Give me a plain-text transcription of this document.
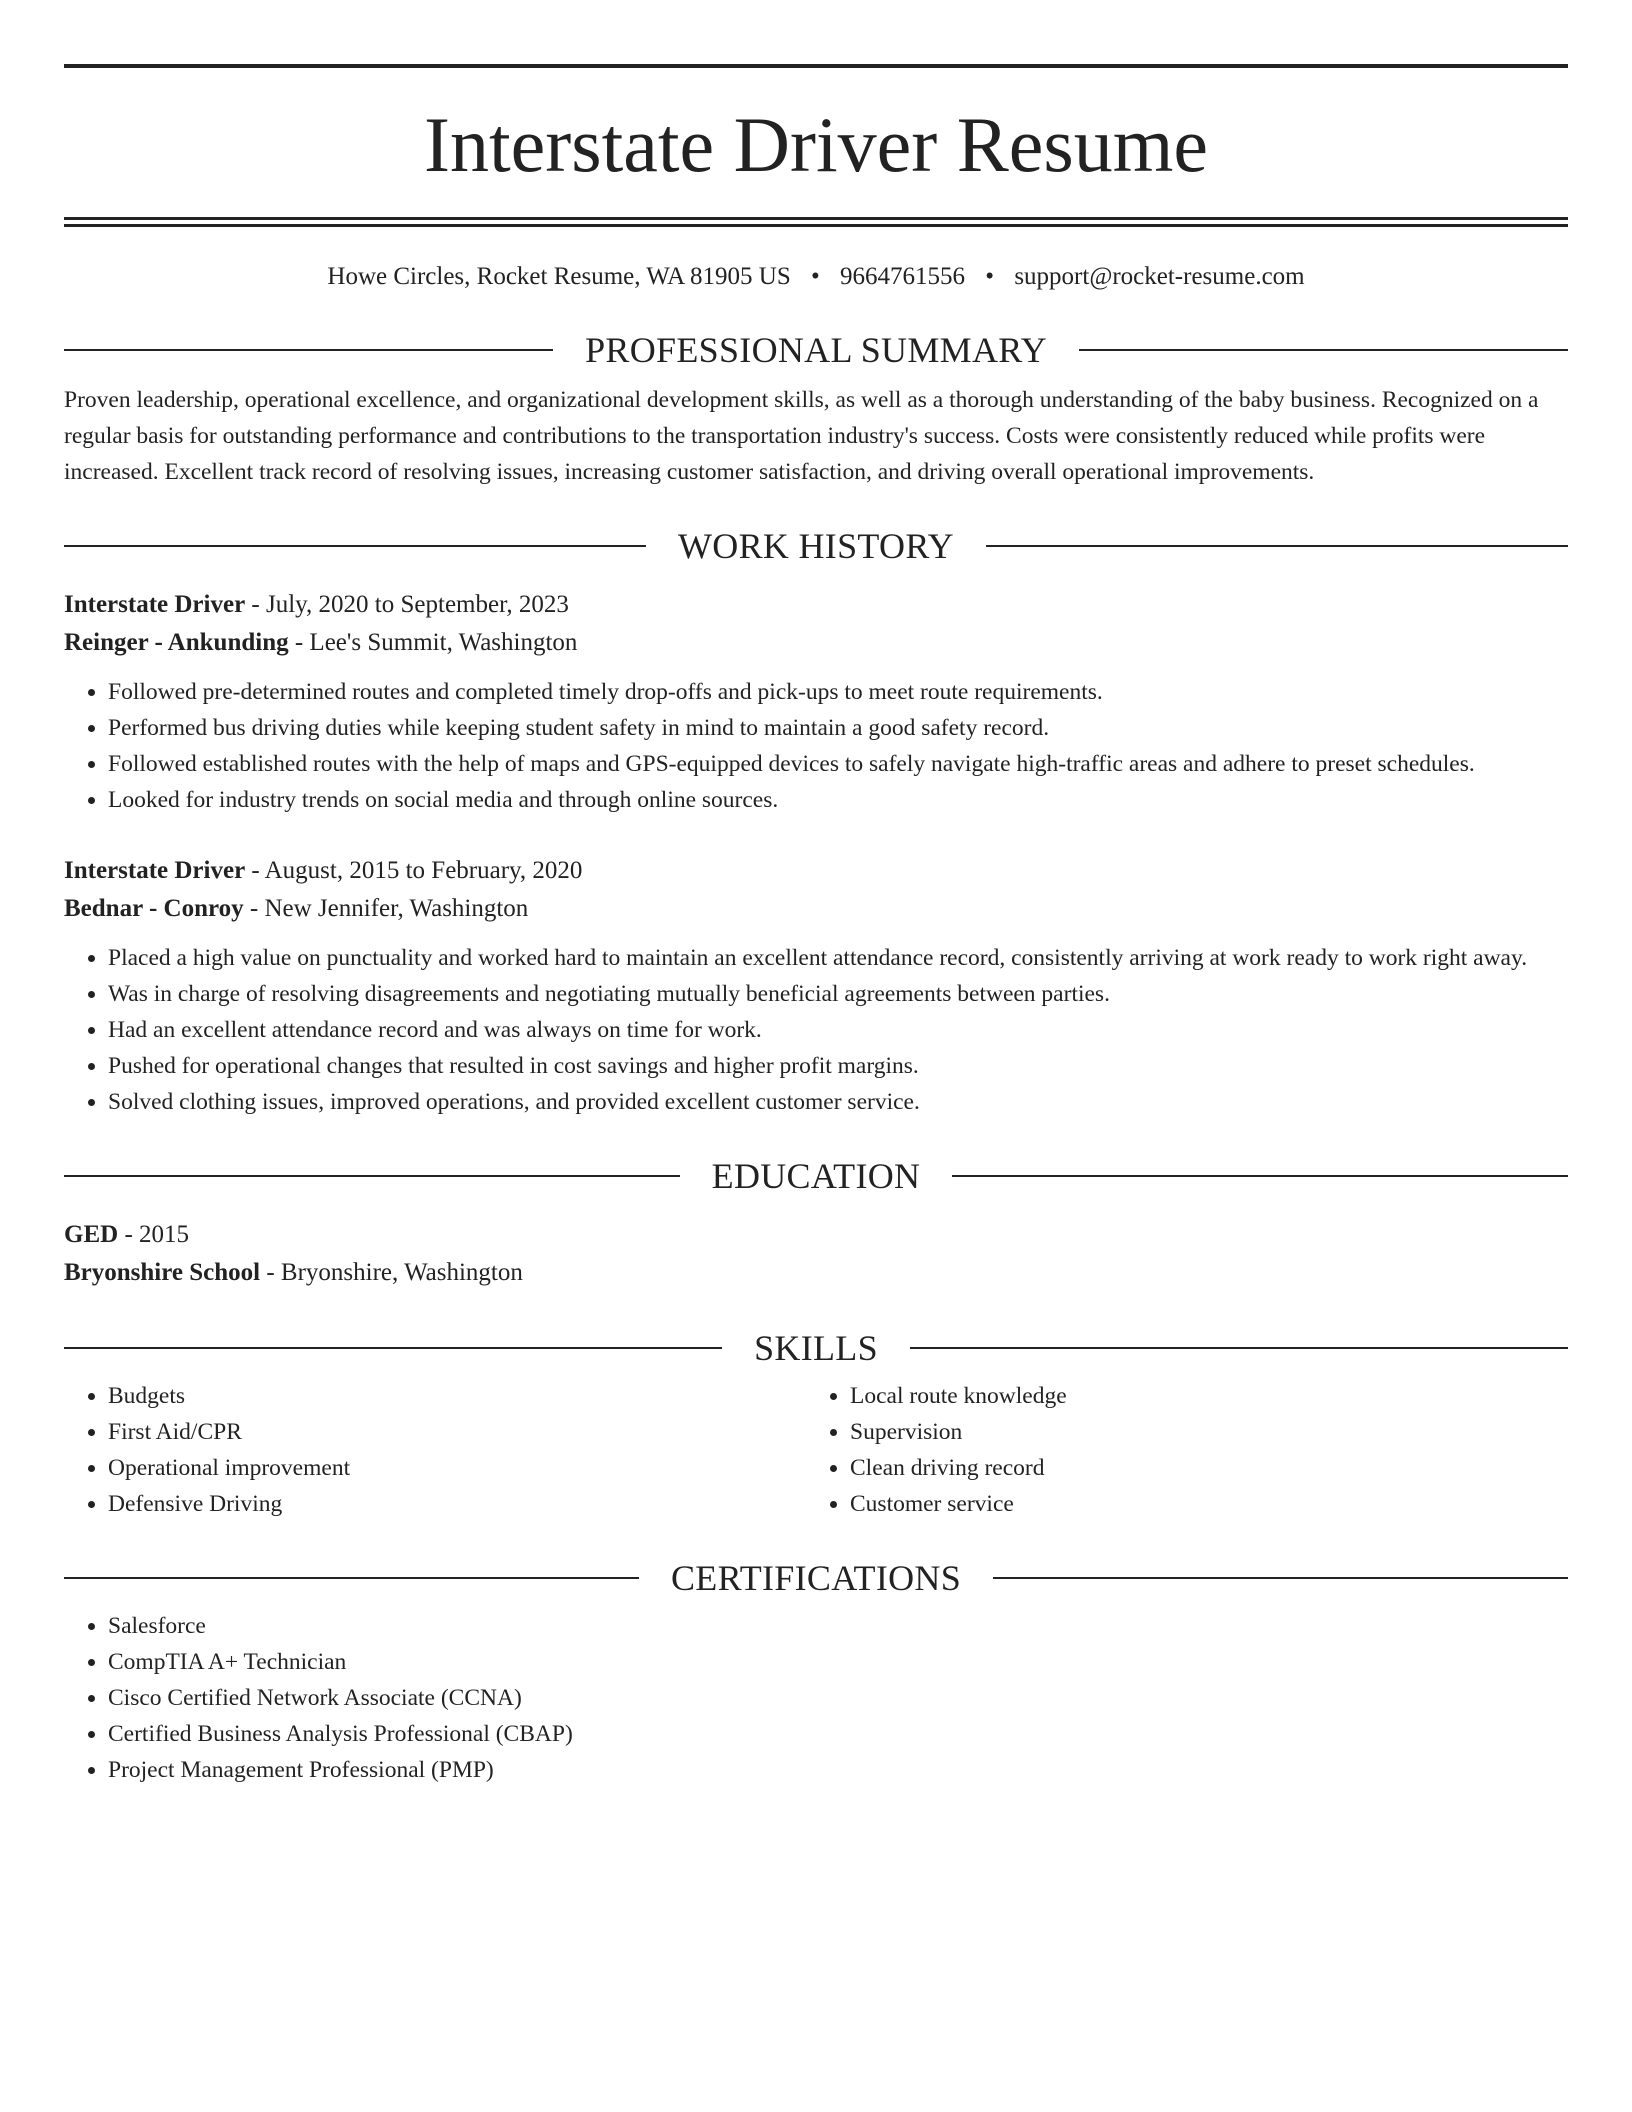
Interstate Driver Resume
Howe Circles, Rocket Resume, WA 81905 US • 9664761556 • support@rocket-resume.com
PROFESSIONAL SUMMARY
Proven leadership, operational excellence, and organizational development skills, as well as a thorough understanding of the baby business. Recognized on a regular basis for outstanding performance and contributions to the transportation industry's success. Costs were consistently reduced while profits were increased. Excellent track record of resolving issues, increasing customer satisfaction, and driving overall operational improvements.
WORK HISTORY
Interstate Driver - July, 2020 to September, 2023
Reinger - Ankunding - Lee's Summit, Washington
• Followed pre-determined routes and completed timely drop-offs and pick-ups to meet route requirements.
• Performed bus driving duties while keeping student safety in mind to maintain a good safety record.
• Followed established routes with the help of maps and GPS-equipped devices to safely navigate high-traffic areas and adhere to preset schedules.
• Looked for industry trends on social media and through online sources.
Interstate Driver - August, 2015 to February, 2020
Bednar - Conroy - New Jennifer, Washington
• Placed a high value on punctuality and worked hard to maintain an excellent attendance record, consistently arriving at work ready to work right away.
• Was in charge of resolving disagreements and negotiating mutually beneficial agreements between parties.
• Had an excellent attendance record and was always on time for work.
• Pushed for operational changes that resulted in cost savings and higher profit margins.
• Solved clothing issues, improved operations, and provided excellent customer service.
EDUCATION
GED - 2015
Bryonshire School - Bryonshire, Washington
SKILLS
• Budgets
• First Aid/CPR
• Operational improvement
• Defensive Driving
• Local route knowledge
• Supervision
• Clean driving record
• Customer service
CERTIFICATIONS
• Salesforce
• CompTIA A+ Technician
• Cisco Certified Network Associate (CCNA)
• Certified Business Analysis Professional (CBAP)
• Project Management Professional (PMP)
